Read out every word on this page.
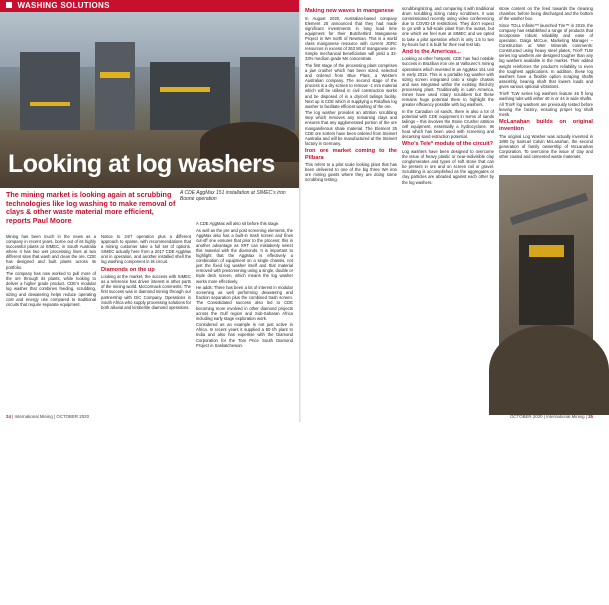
WASHING SOLUTIONS
Looking at log washers
The mining market is looking again at scrubbing technologies like log washing to make removal of clays & other waste material more efficient, reports Paul Moore
A CDE AggMax 151 installation at SIMEC’s Iron Boone operation

Mining has been much in the news as a company in recent years, borne out of its highly successful plants at SIMEC, in South Australia where it has two wet processing lines at two different sites that wash and clean the ore. CDE has designed and built plants across its portfolio.

The company has now worked to pull more of the ore through its plants, while looking to deliver a higher grade product. CDE’s modular log washer that combines feeding, scrubbing, sizing and dewatering helps reduce operating cost and energy use compared to traditional circuits that require separate equipment.

Notice to 24/7 operation plus a different approach to sparse, with recommendations that a mining customer take a full set of options. SIMEC actually here from a 2017 CDE AggMax unit in operation, and another installed shell the log washing component in its circuit.

Diamonds on the up

Looking at the market, the success with SIMEC as a reference has driven interest in other parts of the mining world. McCormack comments: The first success was in diamond mining through our partnership with DiC Company. Operations in South Africa who supply processing solutions for both alluvial and kimberlite diamond operations.

A CDE AggMax will also sit before this stage.

As well as the pre and post screening elements, the AggMax also has a built-in trash screen and fines cut-off one ensures that prior to the process; this in another advantage as XRT can mistakenly select this material with the diamonds. It is important to highlight that the AggMax is effectively a combination of equipment on a single chassis, not just the fixed log washer itself and that material removed with prescreening using a single, double or triple deck screen, which means the log washer works more effectively.

He adds: There has been a lot of interest in modular screening as well performing dewatering and fraction separation plus the combined trash screen. The Consolidated success also led to CDE becoming more involved in other diamond projects across the Gulf region and Sub-Saharan Africa including early stage exploration work.

Considered as an example is not just active in Africa. In recent years it supplied a 50 t/h plant to India and also has expertise with the Diamond Corporation for the Tom Price South Diamond Project in Saskatchewan.

24 | International Mining | OCTOBER 2020
Making new waves in manganese

In August 2020, Australian-based company Element 25 announced that they had made significant investments in long lead time equipment for their Butcherbird Manganese Project in WA north of Newman. This is a world class manganese resource with current JORC resources in excess of 263 Mt of manganese ore. Simple mechanical beneficiation will yield a 32-33% medium grade Mn concentrate.

The first stage of the processing plant comprises a jaw crusher which has been sized, selected and ordered from Blue Plant, a Western Australian company. The second stage of the process is a dry screen to remove -1 mm material which will be utilised in civil construction works and be disposed of in a dry/cell tailings facility. Next up is CDE which is supplying a Rotaflow log washer to facilitate efficient washing of the ore.

The log washer provides an attrition scrubbing step which removes any remaining clays and ensures that any agglomerated portion of the ore manganiferous shale material. The Element 25 CDE ore sorters have been ordered from Steinert Australia and will be manufactured at the Steinert factory in Germany.

Iron ore market coming to the Pilbara

This refers to a pilot scale looking plant that has been delivered to one of the big three WA iron ore mining giants where they are doing some scrubbing testing.

scrubbing/sizing, and comparing it with traditional drum scrubbing sizing rotary scrubbers. It was commissioned recently using video conferencing due to COVID-19 restrictions. They don’t expect to go with a full-scale plant from the outset, but one which we feel sure at SIMEC and we opted to take a pilot operation which is only 1.5 to two by-hours but it is built for their real test lab.

And to the Americas...

Looking at other hotspots, CDE has had notable success in Brazilian iron ore at Vallourec’s mining operations which invested in an AggMax 151 unit in early 2015. This is a portable log washer with sizing screen integrated onto a single chassis and was integrated within the existing third-dry processing plant. Traditionally in Latin America, mines have used rotary scrubbers but these remains huge potential there to highlight the greater efficiency possible with log washers.

In the Canadian oil sands, there is also a lot of potential with CDE equipment in terms of sands tailings – this involves the Stone Crusher attrition cell equipment, essentially a hydrocyclone. Its heat which has been used with screening and decanting sand extraction potential.

Who’s Tele* module of the circuit?

Log washers have been designed to overcome the issue of heavy plastic or near-indivisible clay conglomerates and types of soft stone that can be present in ore and on screen rail or gravel. Scrubbing is accomplished as the aggregates or clay particles are abraded against each other by the log washers.

stone content on the feed towards the cleaning chamber, before being discharged and the bottom of the washer box.

Since TOLL Infinite™ launched Tire™ in 2019, the company has established a range of products that incorporate robust reliability and ease of operation. Dalgo McCue, Marketing Manager – Construction at Weir Minerals comments: Constructed using heavy steel plates, Trio® TLW series log washers are designed tougher than any log washers available in the market. Their added weight reinforces the product’s reliability to even the toughest applications. In addition, these log washers have a flexible option scraping shafts assembly, bearing shaft that lowers loads and gives various optional vibrations.

Trio® TLW series log washers feature 45 ft long washing tubs with either 40 in or 44 in wide shafts.

All Trio® log washers are previously tested before leaving the factory, ensuring proper log shaft mesh.

McLanahan builds on original invention

The original Log Washer was actually invented in 1890 by Samuel Calvin McLanahan, the second generation of family ownership of McLanahan Corporation. To overcome the issue of clay and other coated and cemented waste materials.

Constructed using heavy steel plates, Trio® TLW series log washers are designed tougher than any log washers available in the market. Their added weight reinforces the product’s reliability in even the toughest applications
OCTOBER 2020 | International Mining | 25
